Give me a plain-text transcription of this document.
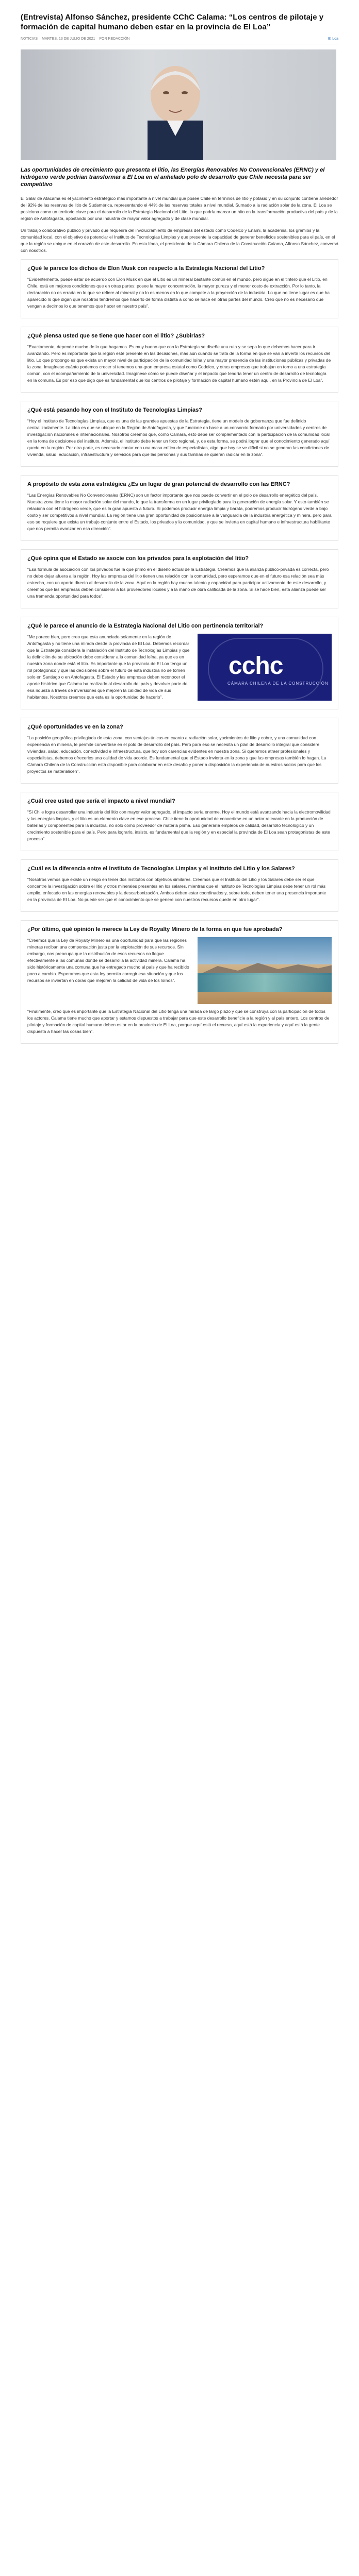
(Entrevista) Alfonso Sánchez, presidente CChC Calama: “Los centros de pilotaje y formación de capital humano deben estar en la provincia de El Loa”
NOTICIAS MARTES, 13 DE JULIO DE 2021 POR REDACCIÓN	El Loa
Las oportunidades de crecimiento que presenta el litio, las Energías Renovables No Convencionales (ERNC) y el hidrógeno verde podrían transformar a El Loa en el anhelado polo de desarrollo que Chile necesita para ser competitivo

El Salar de Atacama es el yacimiento estratégico más importante a nivel mundial que posee Chile en términos de litio y potasio y en su conjunto contiene alrededor del 92% de las reservas de litio de Sudamérica, representando el 44% de las reservas totales a nivel mundial. Sumado a la radiación solar de la zona, El Loa se posiciona como un territorio clave para el desarrollo de la Estrategia Nacional del Litio, la que podría marcar un hito en la transformación productiva del país y de la región de Antofagasta, apostando por una industria de mayor valor agregado y de clase mundial.

Un trabajo colaborativo público y privado que requerirá del involucramiento de empresas del estado como Codelco y Enami, la academia, los gremios y la comunidad local, con el objetivo de potenciar el Instituto de Tecnologías Limpias y que presente la capacidad de generar beneficios sostenibles para el país, en el que la región se ubique en el corazón de este desarrollo. En esta línea, el presidente de la Cámara Chilena de la Construcción Calama, Alfonso Sánchez, conversó con nosotros.

¿Qué le parece los dichos de Elon Musk con respecto a la Estrategia Nacional del Litio?

“Evidentemente, puede estar de acuerdo con Elon Musk en que el Litio es un mineral bastante común en el mundo, pero sigue en el tintero que el Litio, en Chile, está en mejores condiciones que en otras partes: posee la mayor concentración, la mayor pureza y el menor costo de extracción. Por lo tanto, la declaración no es errada en lo que se refiere al mineral y no lo es menos en lo que compete a la proyección de la industria. Lo que no tiene lugar es que ha aparecido lo que digan que nosotros tendremos que hacerlo de forma distinta a como se hace en otras partes del mundo. Creo que no es necesario que vengan a decirnos lo que tenemos que hacer en nuestro país”.

¿Qué piensa usted que se tiene que hacer con el litio? ¿Subirlas?

“Exactamente, depende mucho de lo que hagamos. Es muy bueno que con la Estrategia se diseñe una ruta y se sepa lo que debemos hacer para ir avanzando. Pero es importante que la región esté presente en las decisiones, más aún cuando se trata de la forma en que se van a invertir los recursos del litio. Lo que propongo es que exista un mayor nivel de participación de la comunidad loína y una mayor presencia de las instituciones públicas y privadas de la zona. Imagínese cuánto podemos crecer si tenemos una gran empresa estatal como Codelco, y otras empresas que trabajan en torno a una estrategia común, con el acompañamiento de la universidad. Imagínese cómo se puede diseñar y el impacto que tendría tener un centro de desarrollo de tecnología en la comuna. Es por eso que digo que es fundamental que los centros de pilotaje y formación de capital humano estén aquí, en la Provincia de El Loa”.

¿Qué está pasando hoy con el Instituto de Tecnologías Limpias?

“Hoy el Instituto de Tecnologías Limpias, que es una de las grandes apuestas de la Estrategia, tiene un modelo de gobernanza que fue definido centralizadamente. La idea es que se ubique en la Región de Antofagasta, y que funcione en base a un consorcio formado por universidades y centros de investigación nacionales e internacionales. Nosotros creemos que, como Cámara, esto debe ser complementado con la participación de la comunidad local en la toma de decisiones del instituto. Además, el instituto debe tener un foco regional, y, de esta forma, se podrá lograr que el conocimiento generado aquí quede en la región. Por otra parte, es necesario contar con una masa crítica de especialistas, algo que hoy se ve difícil si no se generan las condiciones de vivienda, salud, educación, infraestructura y servicios para que las personas y sus familias se quieran radicar en la zona”.

A propósito de esta zona estratégica ¿Es un lugar de gran potencial de desarrollo con las ERNC?

“Las Energías Renovables No Convencionales (ERNC) son un factor importante que nos puede convertir en el polo de desarrollo energético del país. Nuestra zona tiene la mayor radiación solar del mundo, lo que la transforma en un lugar privilegiado para la generación de energía solar. Y esto también se relaciona con el hidrógeno verde, que es la gran apuesta a futuro. Si podemos producir energía limpia y barata, podremos producir hidrógeno verde a bajo costo y ser competitivos a nivel mundial. La región tiene una gran oportunidad de posicionarse a la vanguardia de la industria energética y minera, pero para eso se requiere que exista un trabajo conjunto entre el Estado, los privados y la comunidad, y que se invierta en capital humano e infraestructura habilitante que nos permita avanzar en esa dirección”.

¿Qué opina que el Estado se asocie con los privados para la explotación del litio?

“Esa fórmula de asociación con los privados fue la que primó en el diseño actual de la Estrategia. Creemos que la alianza público-privada es correcta, pero no debe dejar afuera a la región. Hoy las empresas del litio tienen una relación con la comunidad, pero esperamos que en el futuro esa relación sea más estrecha, con un aporte directo al desarrollo de la zona. Aquí en la región hay mucho talento y capacidad para participar activamente de este desarrollo, y creemos que las empresas deben considerar a los proveedores locales y a la mano de obra calificada de la zona. Si se hace bien, esta alianza puede ser una tremenda oportunidad para todos”.

¿Qué le parece el anuncio de la Estrategia Nacional del Litio con pertinencia territorial?
cchc
CÁMARA CHILENA DE LA CONSTRUCCIÓN

“Me parece bien, pero creo que esta anunciado solamente en la región de Antofagasta y no tiene una mirada desde la provincia de El Loa. Debemos recordar que la Estrategia considera la instalación del Instituto de Tecnologías Limpias y que la definición de su ubicación debe considerar a la comunidad loína, ya que es en nuestra zona donde está el litio. Es importante que la provincia de El Loa tenga un rol protagónico y que las decisiones sobre el futuro de esta industria no se tomen solo en Santiago o en Antofagasta. El Estado y las empresas deben reconocer el aporte histórico que Calama ha realizado al desarrollo del país y devolver parte de esa riqueza a través de inversiones que mejoren la calidad de vida de sus habitantes. Nosotros creemos que esta es la oportunidad de hacerlo”.

¿Qué oportunidades ve en la zona?

“La posición geográfica privilegiada de esta zona, con ventajas únicas en cuanto a radiación solar, yacimientos de litio y cobre, y una comunidad con experiencia en minería, le permite convertirse en el polo de desarrollo del país. Pero para eso se necesita un plan de desarrollo integral que considere viviendas, salud, educación, conectividad e infraestructura, que hoy son carencias evidentes en nuestra zona. Si queremos atraer profesionales y especialistas, debemos ofrecerles una calidad de vida acorde. Es fundamental que el Estado invierta en la zona y que las empresas también lo hagan. La Cámara Chilena de la Construcción está disponible para colaborar en este desafío y poner a disposición la experiencia de nuestros socios para que los proyectos se materialicen”.

¿Cuál cree usted que sería el impacto a nivel mundial?

“Si Chile logra desarrollar una industria del litio con mayor valor agregado, el impacto sería enorme. Hoy el mundo está avanzando hacia la electromovilidad y las energías limpias, y el litio es un elemento clave en ese proceso. Chile tiene la oportunidad de convertirse en un actor relevante en la producción de baterías y componentes para la industria, no solo como proveedor de materia prima. Eso generaría empleos de calidad, desarrollo tecnológico y un crecimiento sostenible para el país. Pero para lograrlo, insisto, es fundamental que la región y en especial la provincia de El Loa sean protagonistas de este proceso”.

¿Cuál es la diferencia entre el Instituto de Tecnologías Limpias y el Instituto del Litio y los Salares?

“Nosotros vemos que existe un riesgo en tener dos institutos con objetivos similares. Creemos que el Instituto del Litio y los Salares debe ser el que concentre la investigación sobre el litio y otros minerales presentes en los salares, mientras que el Instituto de Tecnologías Limpias debe tener un rol más amplio, enfocado en las energías renovables y la descarbonización. Ambos deben estar coordinados y, sobre todo, deben tener una presencia importante en la provincia de El Loa. No puede ser que el conocimiento que se genere con nuestros recursos quede en otro lugar”.

¿Por último, qué opinión le merece la Ley de Royalty Minero de la forma en que fue aprobada?

“Creemos que la Ley de Royalty Minero es una oportunidad para que las regiones mineras reciban una compensación justa por la explotación de sus recursos. Sin embargo, nos preocupa que la distribución de esos recursos no llegue efectivamente a las comunas donde se desarrolla la actividad minera. Calama ha sido históricamente una comuna que ha entregado mucho al país y que ha recibido poco a cambio. Esperamos que esta ley permita corregir esa situación y que los recursos se inviertan en obras que mejoren la calidad de vida de los loínos”.

“Finalmente, creo que es importante que la Estrategia Nacional del Litio tenga una mirada de largo plazo y que se construya con la participación de todos los actores. Calama tiene mucho que aportar y estamos dispuestos a trabajar para que este desarrollo beneficie a la región y al país entero. Los centros de pilotaje y formación de capital humano deben estar en la provincia de El Loa, porque aquí está el recurso, aquí está la experiencia y aquí está la gente dispuesta a hacer las cosas bien”.
